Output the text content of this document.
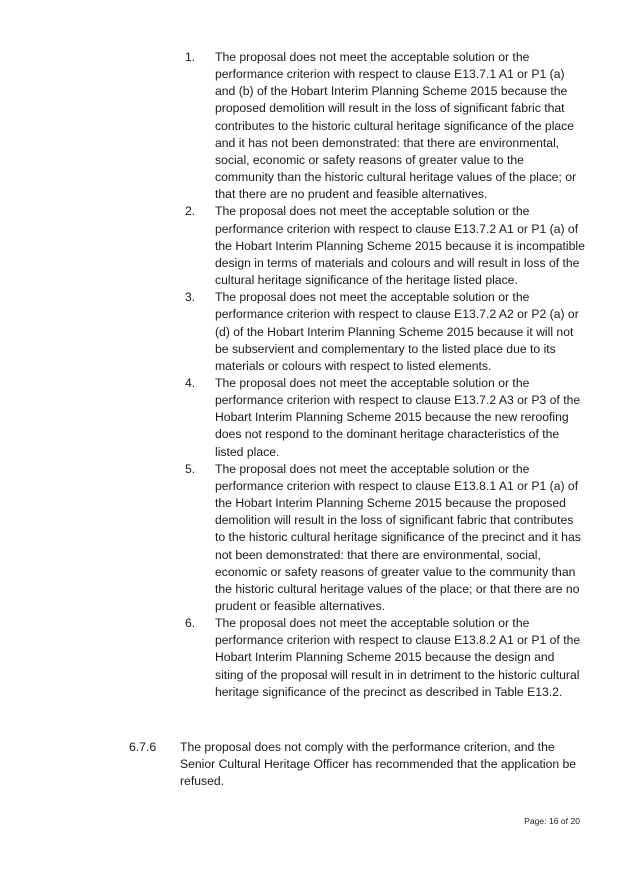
1.	The proposal does not meet the acceptable solution or the performance criterion with respect to clause E13.7.1 A1 or P1 (a) and (b) of the Hobart Interim Planning Scheme 2015 because the proposed demolition will result in the loss of significant fabric that contributes to the historic cultural heritage significance of the place and it has not been demonstrated: that there are environmental, social, economic or safety reasons of greater value to the community than the historic cultural heritage values of the place; or that there are no prudent and feasible alternatives.
2.	The proposal does not meet the acceptable solution or the performance criterion with respect to clause E13.7.2 A1 or P1 (a) of the Hobart Interim Planning Scheme 2015 because it is incompatible design in terms of materials and colours and will result in loss of the cultural heritage significance of the heritage listed place.
3.	The proposal does not meet the acceptable solution or the performance criterion with respect to clause E13.7.2 A2 or P2 (a) or (d) of the Hobart Interim Planning Scheme 2015 because it will not be subservient and complementary to the listed place due to its materials or colours with respect to listed elements.
4.	The proposal does not meet the acceptable solution or the performance criterion with respect to clause E13.7.2 A3 or P3 of the Hobart Interim Planning Scheme 2015 because the new reroofing does not respond to the dominant heritage characteristics of the listed place.
5.	The proposal does not meet the acceptable solution or the performance criterion with respect to clause E13.8.1 A1 or P1 (a) of the Hobart Interim Planning Scheme 2015 because the proposed demolition will result in the loss of significant fabric that contributes to the historic cultural heritage significance of the precinct and it has not been demonstrated: that there are environmental, social, economic or safety reasons of greater value to the community than the historic cultural heritage values of the place; or that there are no prudent or feasible alternatives.
6.	The proposal does not meet the acceptable solution or the performance criterion with respect to clause E13.8.2 A1 or P1 of the Hobart Interim Planning Scheme 2015 because the design and siting of the proposal will result in in detriment to the historic cultural heritage significance of the precinct as described in Table E13.2.
6.7.6 The proposal does not comply with the performance criterion, and the Senior Cultural Heritage Officer has recommended that the application be refused.
Page: 16 of 20
